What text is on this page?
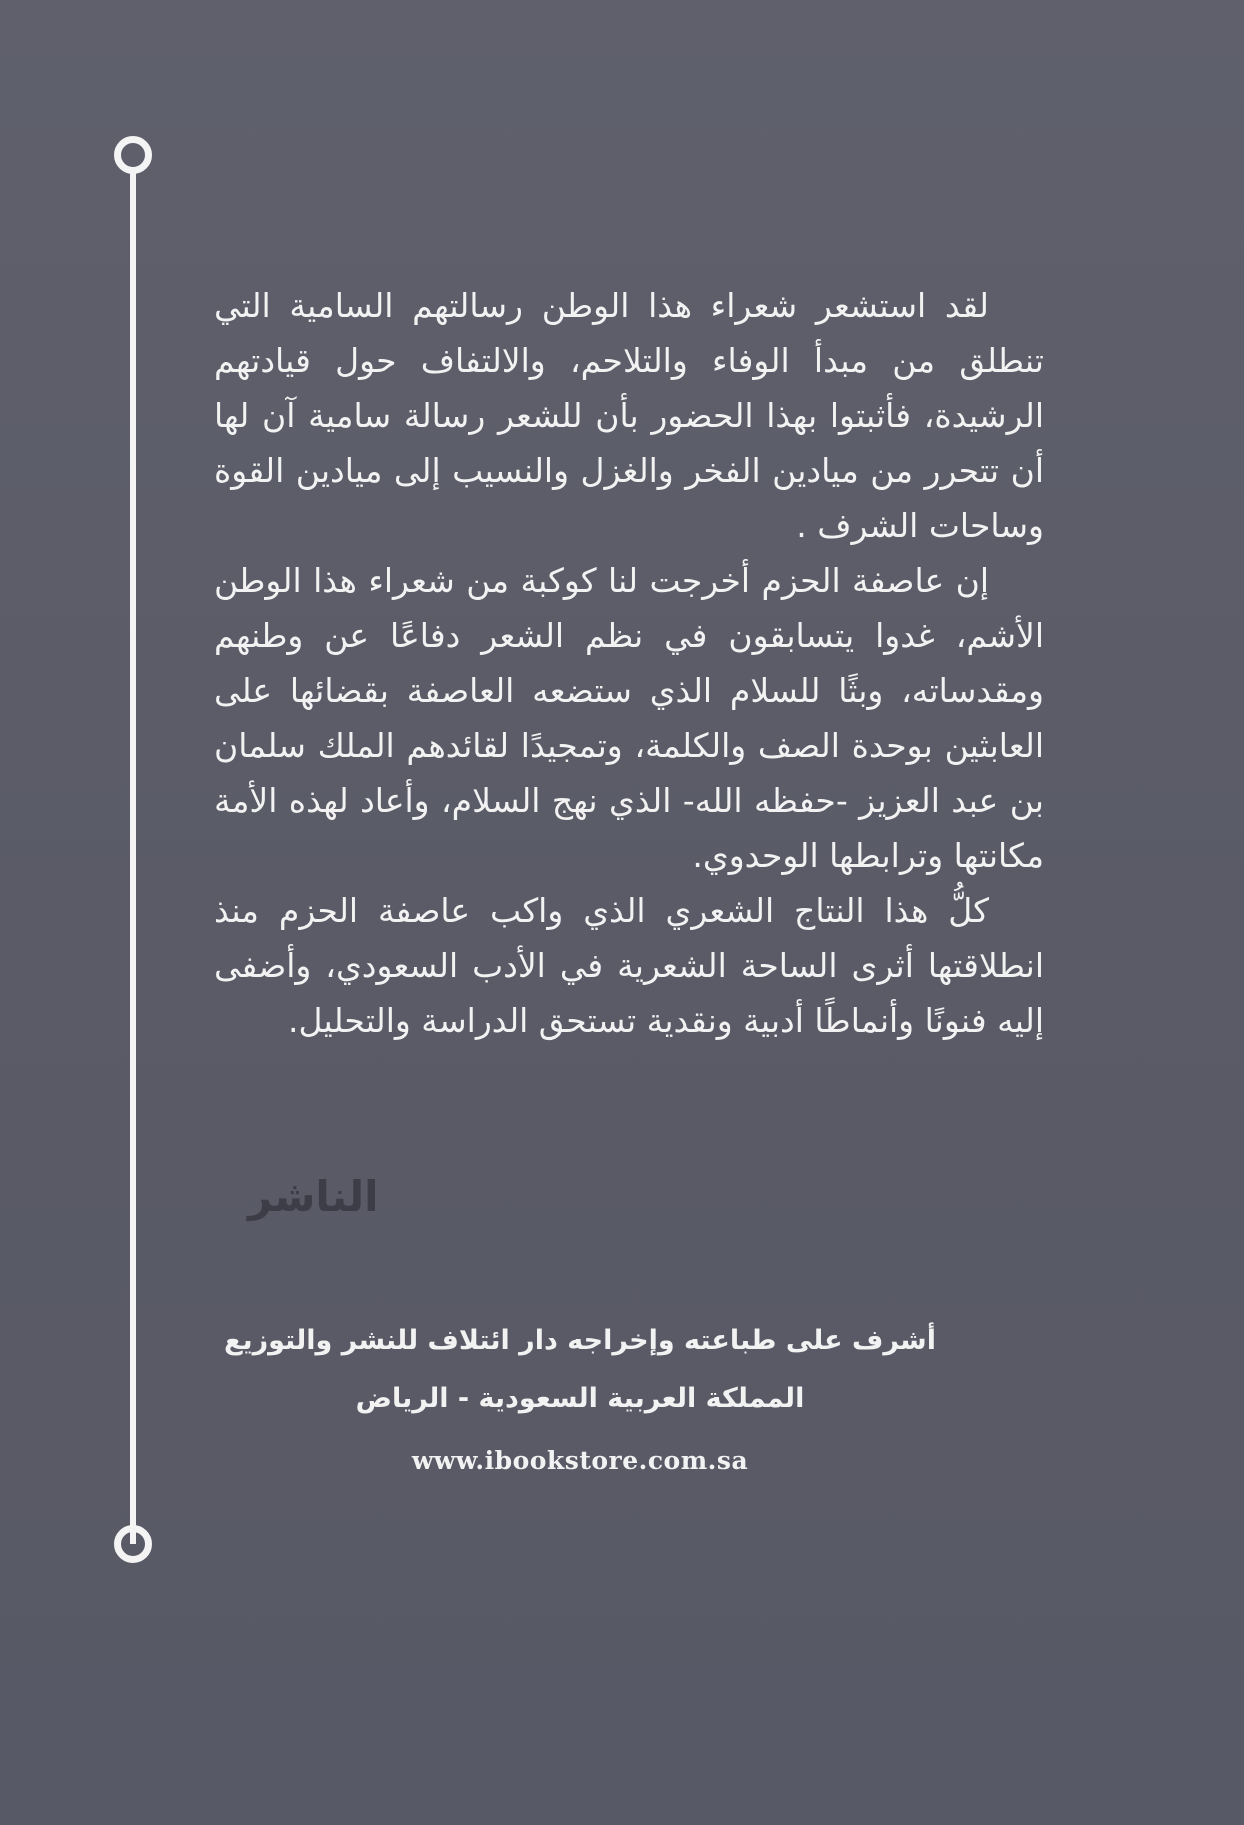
لقد استشعر شعراء هذا الوطن رسالتهم السامية التي تنطلق من مبدأ الوفاء والتلاحم، والالتفاف حول قيادتهم الرشيدة، فأثبتوا بهذا الحضور بأن للشعر رسالة سامية آن لها أن تتحرر من ميادين الفخر والغزل والنسيب إلى ميادين القوة وساحات الشرف .

إن عاصفة الحزم أخرجت لنا كوكبة من شعراء هذا الوطن الأشم، غدوا يتسابقون في نظم الشعر دفاعًا عن وطنهم ومقدساته، وبثًا للسلام الذي ستضعه العاصفة بقضائها على العابثين بوحدة الصف والكلمة، وتمجيدًا لقائدهم الملك سلمان بن عبد العزيز -حفظه الله- الذي نهج السلام، وأعاد لهذه الأمة مكانتها وترابطها الوحدوي.

كلُّ هذا النتاج الشعري الذي واكب عاصفة الحزم منذ انطلاقتها أثرى الساحة الشعرية في الأدب السعودي، وأضفى إليه فنونًا وأنماطًا أدبية ونقدية تستحق الدراسة والتحليل.

الناشر
أشرف على طباعته وإخراجه دار ائتلاف للنشر والتوزيع
المملكة العربية السعودية - الرياض
www.ibookstore.com.sa
